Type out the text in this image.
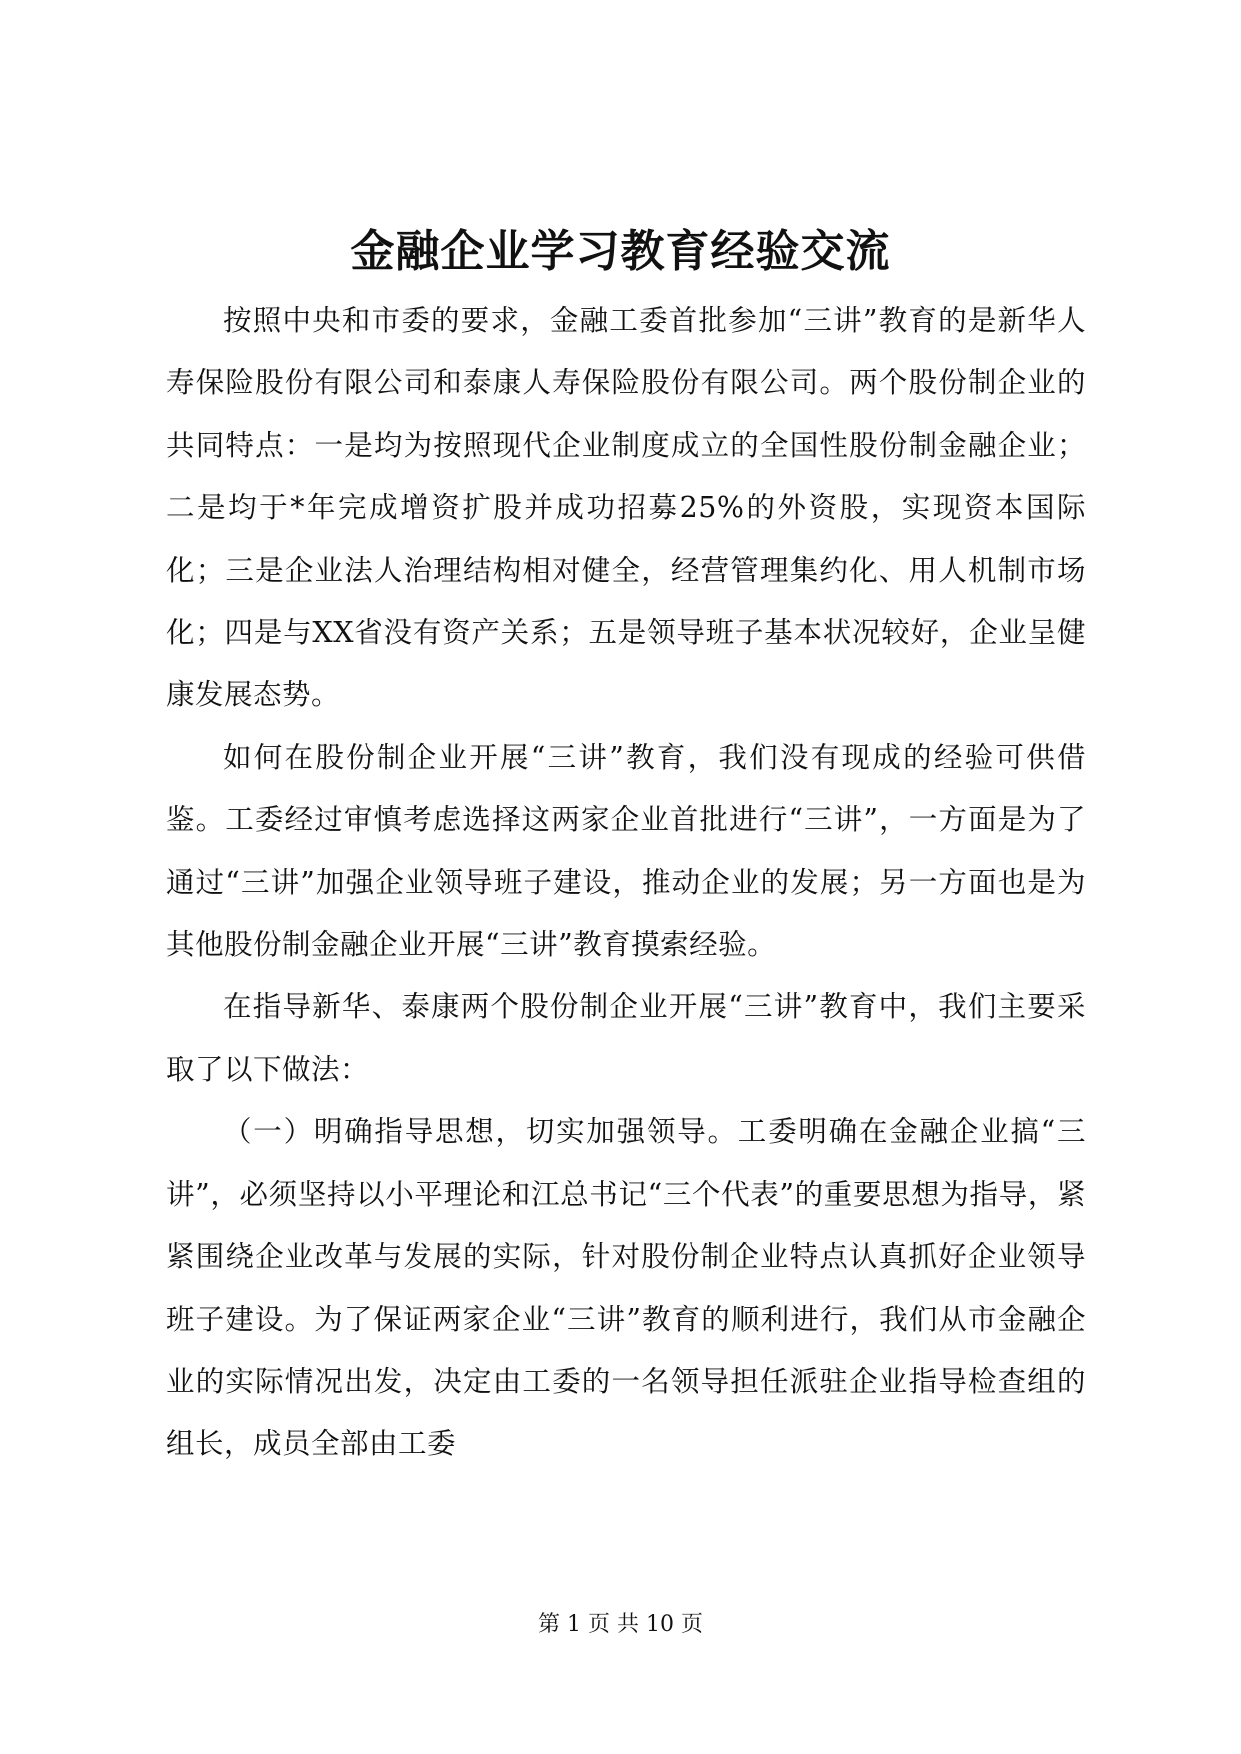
金融企业学习教育经验交流

按照中央和市委的要求，金融工委首批参加“三讲”教育的是新华人寿保险股份有限公司和泰康人寿保险股份有限公司。两个股份制企业的共同特点：一是均为按照现代企业制度成立的全国性股份制金融企业；二是均于*年完成增资扩股并成功招募25%的外资股，实现资本国际化；三是企业法人治理结构相对健全，经营管理集约化、用人机制市场化；四是与XX省没有资产关系；五是领导班子基本状况较好，企业呈健康发展态势。

如何在股份制企业开展“三讲”教育，我们没有现成的经验可供借鉴。工委经过审慎考虑选择这两家企业首批进行“三讲”，一方面是为了通过“三讲”加强企业领导班子建设，推动企业的发展；另一方面也是为其他股份制金融企业开展“三讲”教育摸索经验。

在指导新华、泰康两个股份制企业开展“三讲”教育中，我们主要采取了以下做法：

（一）明确指导思想，切实加强领导。工委明确在金融企业搞“三讲”，必须坚持以小平理论和江总书记“三个代表”的重要思想为指导，紧紧围绕企业改革与发展的实际，针对股份制企业特点认真抓好企业领导班子建设。为了保证两家企业“三讲”教育的顺利进行，我们从市金融企业的实际情况出发，决定由工委的一名领导担任派驻企业指导检查组的组长，成员全部由工委

第 1 页 共 10 页
